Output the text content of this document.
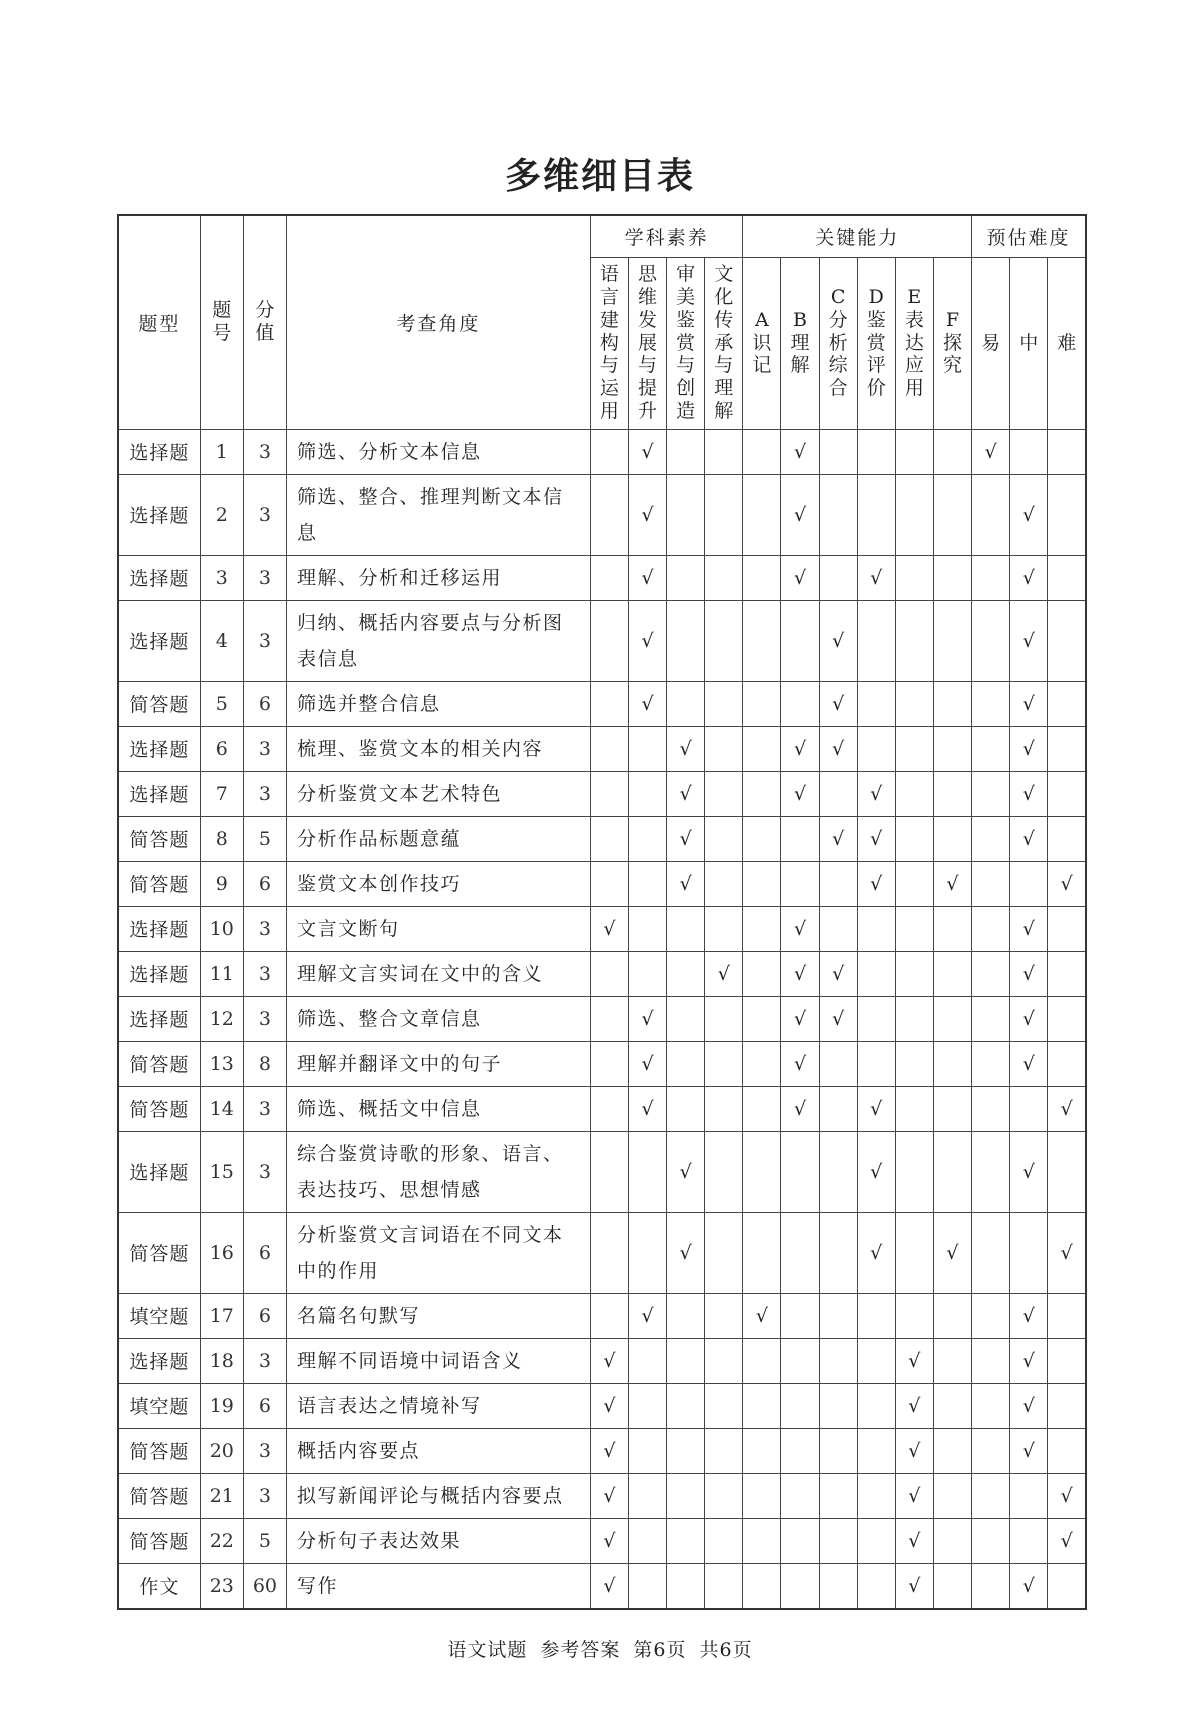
多维细目表
题型	题号	分值	考查角度	学科素养				关键能力						预估难度		
				语言建构与运用	思维发展与提升	审美鉴赏与创造	文化传承与理解	A识记	B理解	C分析综合	D鉴赏评价	E表达应用	F探究	易	中	难
选择题	1	3	筛选、分析文本信息		√				√					√		
选择题	2	3	筛选、整合、推理判断文本信息		√				√						√	
选择题	3	3	理解、分析和迁移运用		√				√		√				√	
选择题	4	3	归纳、概括内容要点与分析图表信息		√					√					√	
简答题	5	6	筛选并整合信息		√					√					√	
选择题	6	3	梳理、鉴赏文本的相关内容			√			√	√					√	
选择题	7	3	分析鉴赏文本艺术特色			√			√		√				√	
简答题	8	5	分析作品标题意蕴			√				√	√				√	
简答题	9	6	鉴赏文本创作技巧			√					√		√			√
选择题	10	3	文言文断句	√					√						√	
选择题	11	3	理解文言实词在文中的含义				√		√	√					√	
选择题	12	3	筛选、整合文章信息		√				√	√					√	
简答题	13	8	理解并翻译文中的句子		√				√						√	
简答题	14	3	筛选、概括文中信息		√				√		√					√
选择题	15	3	综合鉴赏诗歌的形象、语言、表达技巧、思想情感			√					√				√	
简答题	16	6	分析鉴赏文言词语在不同文本中的作用			√					√		√			√
填空题	17	6	名篇名句默写		√			√							√	
选择题	18	3	理解不同语境中词语含义	√								√			√	
填空题	19	6	语言表达之情境补写	√								√			√	
简答题	20	3	概括内容要点	√								√			√	
简答题	21	3	拟写新闻评论与概括内容要点	√								√				√
简答题	22	5	分析句子表达效果	√								√				√
作文	23	60	写作	√								√			√	
语文试题 参考答案 第6页 共6页
